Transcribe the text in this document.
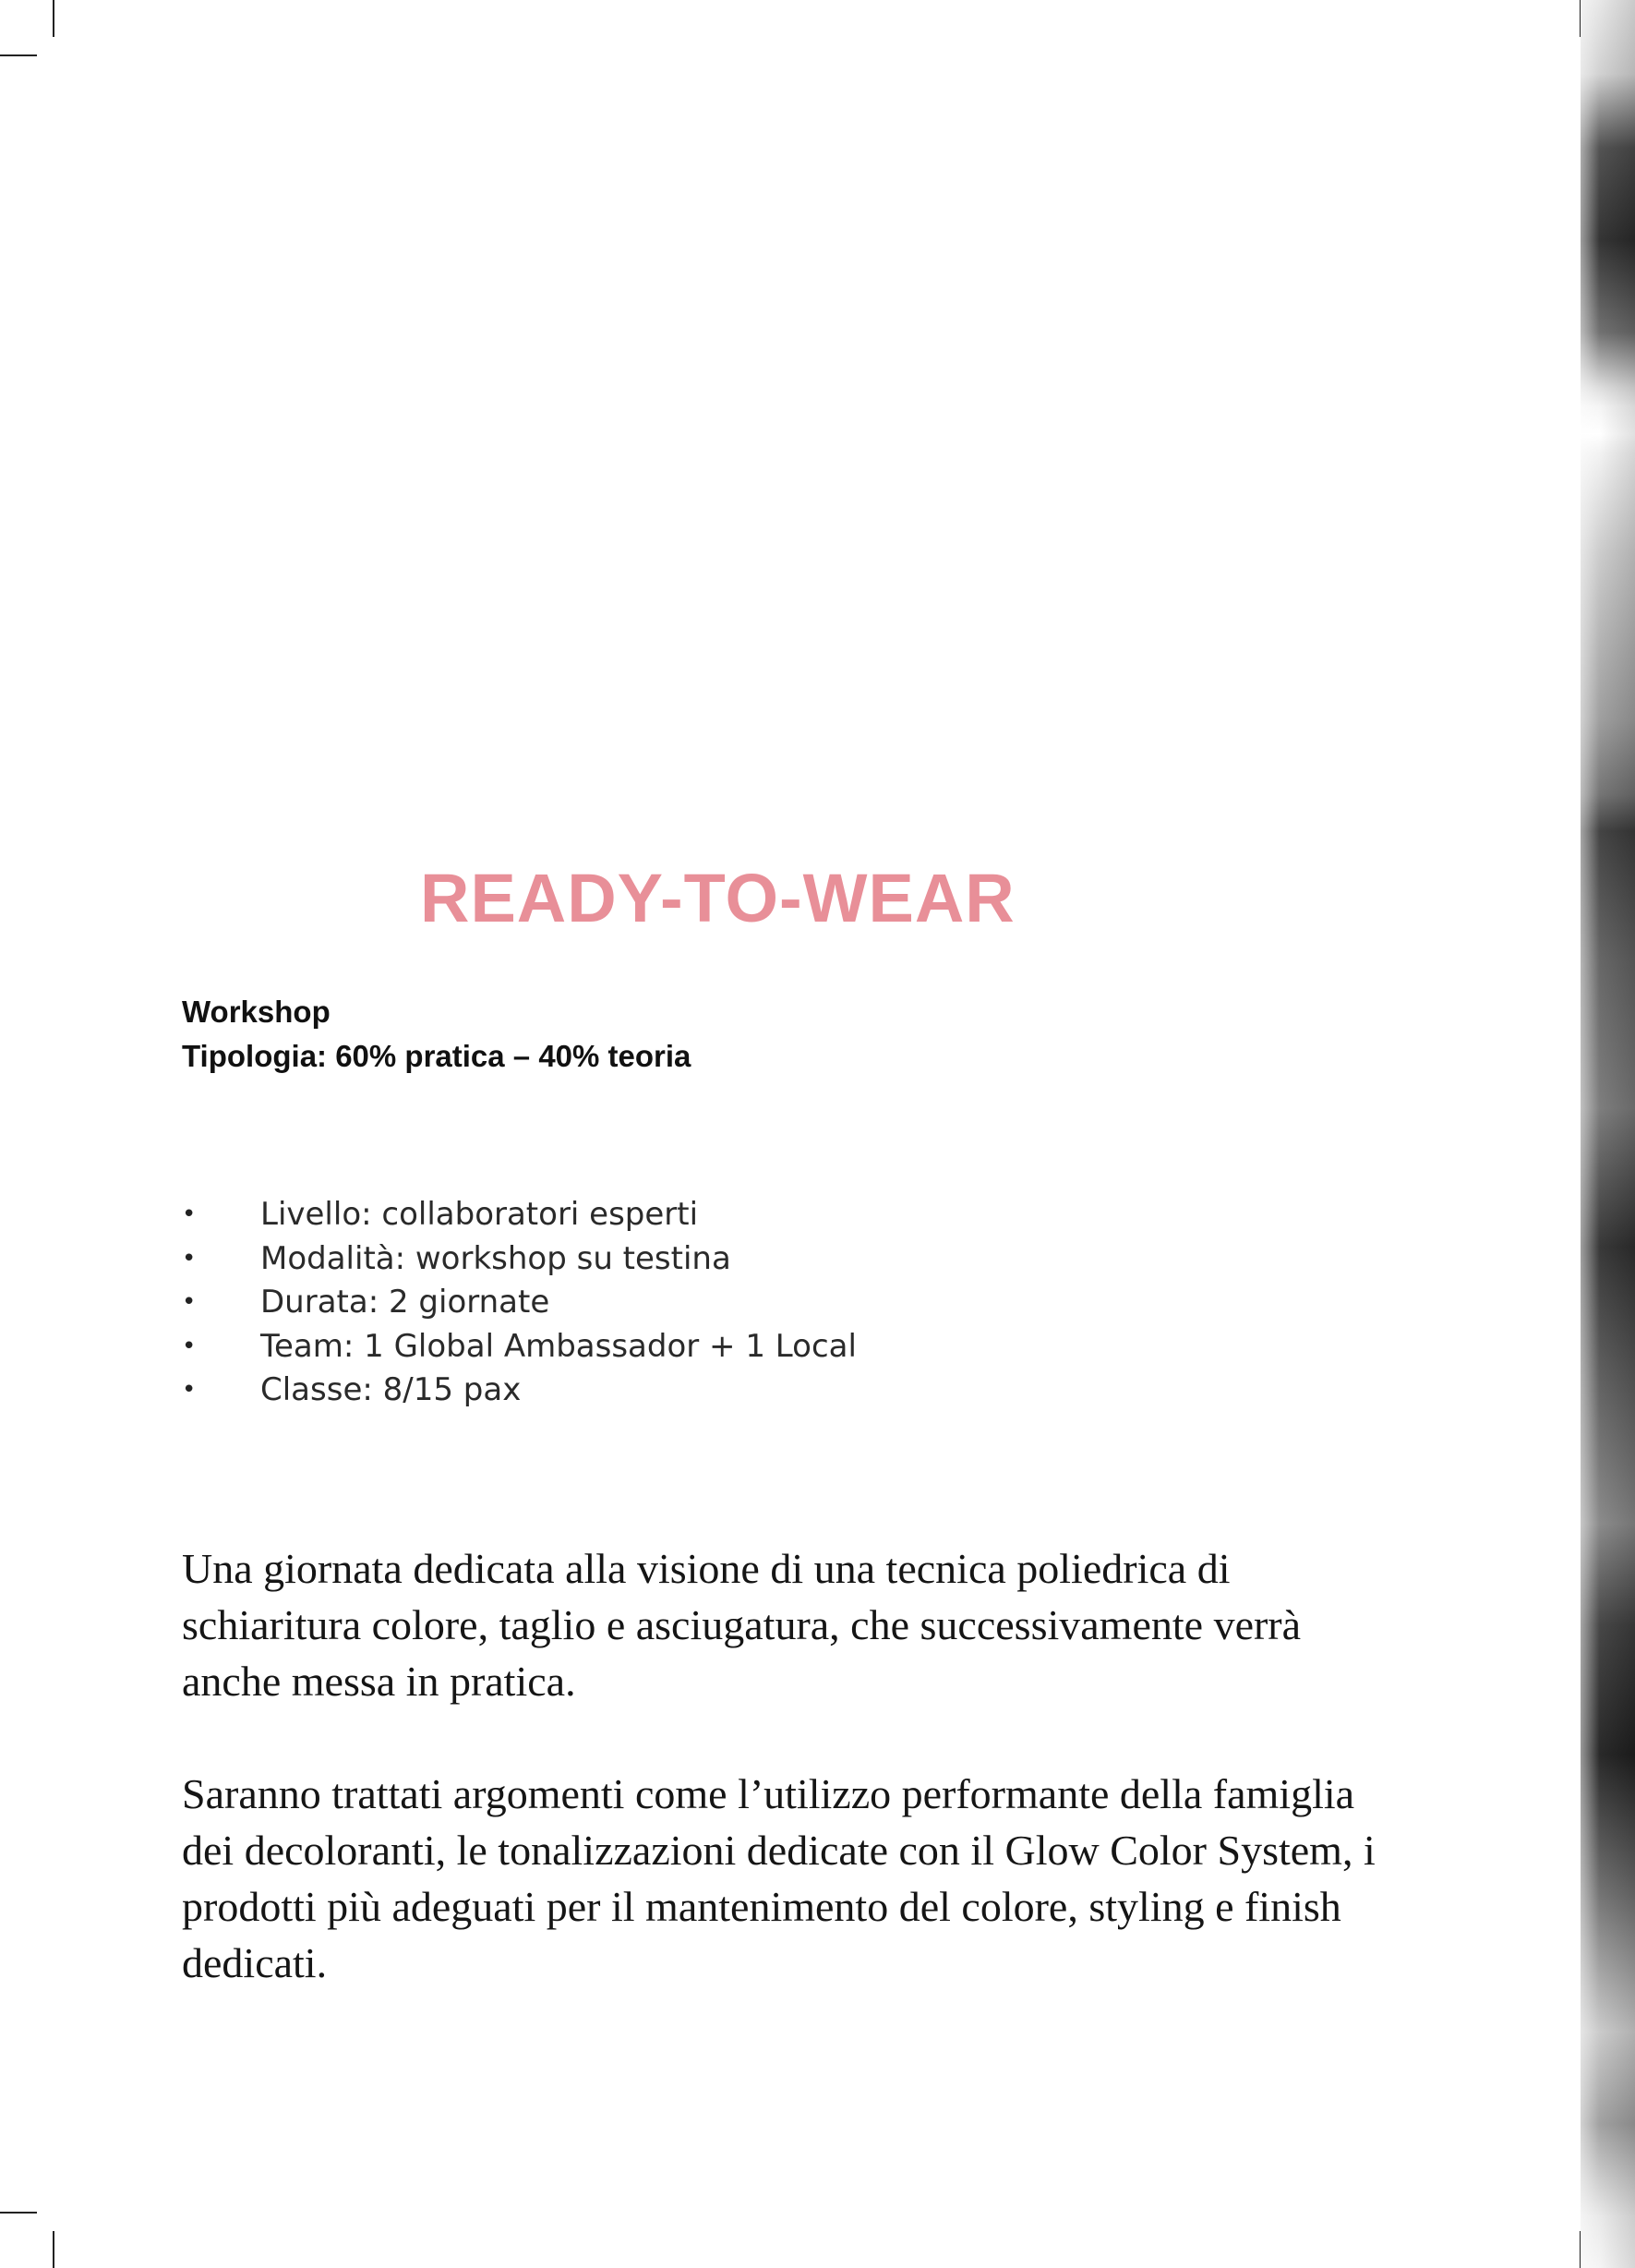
READY-TO-WEAR
Workshop
Tipologia: 60% pratica – 40% teoria
• Livello: collaboratori esperti
• Modalità: workshop su testina
• Durata: 2 giornate
• Team: 1 Global Ambassador + 1 Local
• Classe: 8/15 pax

Una giornata dedicata alla visione di una tecnica poliedrica di schiaritura colore, taglio e asciugatura, che successivamente verrà anche messa in pratica.

Saranno trattati argomenti come l’utilizzo performante della famiglia dei decoloranti, le tonalizzazioni dedicate con il Glow Color System, i prodotti più adeguati per il mantenimento del colore, styling e finish dedicati.
